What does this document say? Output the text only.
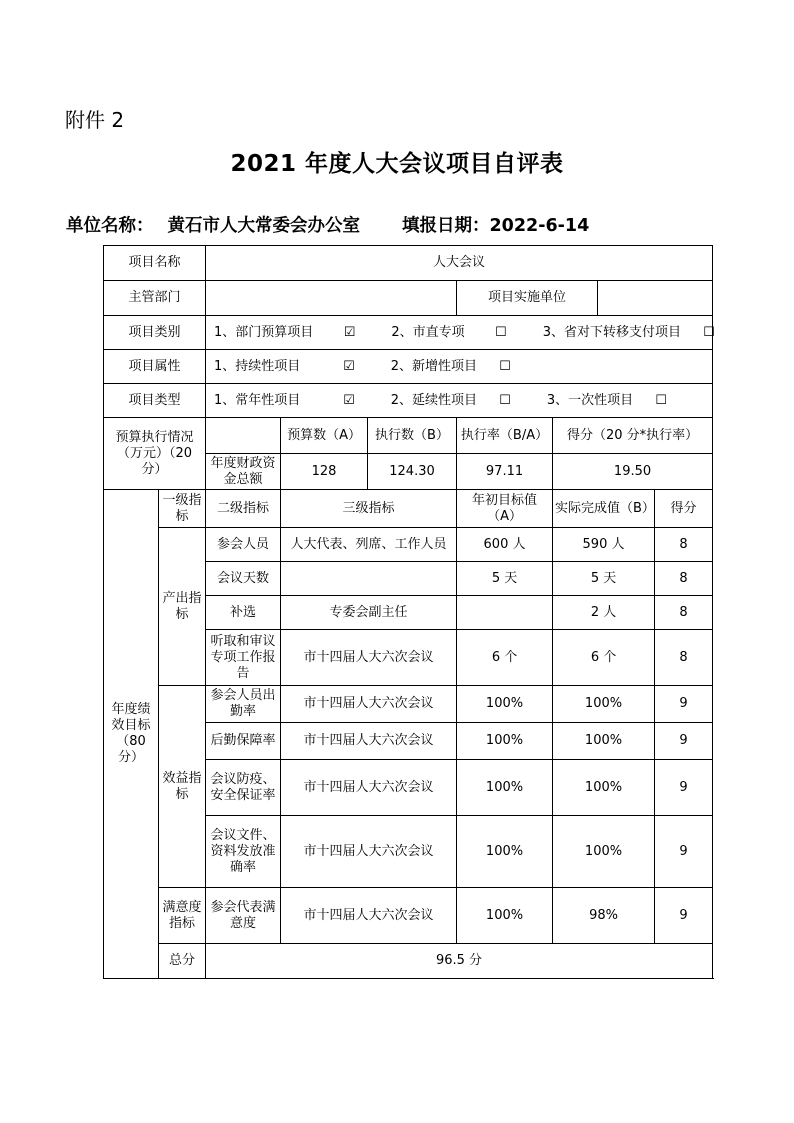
附件 2
2021 年度人大会议项目自评表
单位名称： 黄石市人大常委会办公室 填报日期：2022-6-14
项目名称		人大会议						
主管部门					项目实施单位			
项目类别		1、部门预算项目 ☑ 2、市直专项 ☐ 3、省对下转移支付项目 ☐						
项目属性		1、持续性项目 ☑ 2、新增性项目 ☐						
项目类型		1、常年性项目 ☑ 2、延续性项目 ☐ 3、一次性项目 ☐						
预算执行情况（万元）（20 分）			预算数（A）	执行数（B）	执行率（B/A）	得分（20 分*执行率）		
		年度财政资金总额	128	124.30	97.11	19.50		
年度绩效目标（80 分）	一级指标	二级指标	三级指标		年初目标值（A）	实际完成值（B）		得分
	产出指标	参会人员	人大代表、列席、工作人员		600 人	590 人		8
		会议天数			5 天	5 天		8
		补选	专委会副主任			2 人		8
		听取和审议专项工作报告	市十四届人大六次会议		6 个	6 个		8
	效益指标	参会人员出勤率	市十四届人大六次会议		100%	100%		9
		后勤保障率	市十四届人大六次会议		100%	100%		9
		会议防疫、安全保证率	市十四届人大六次会议		100%	100%		9
		会议文件、资料发放准确率	市十四届人大六次会议		100%	100%		9
	满意度指标	参会代表满意度	市十四届人大六次会议		100%	98%		9
	总分	96.5 分						
